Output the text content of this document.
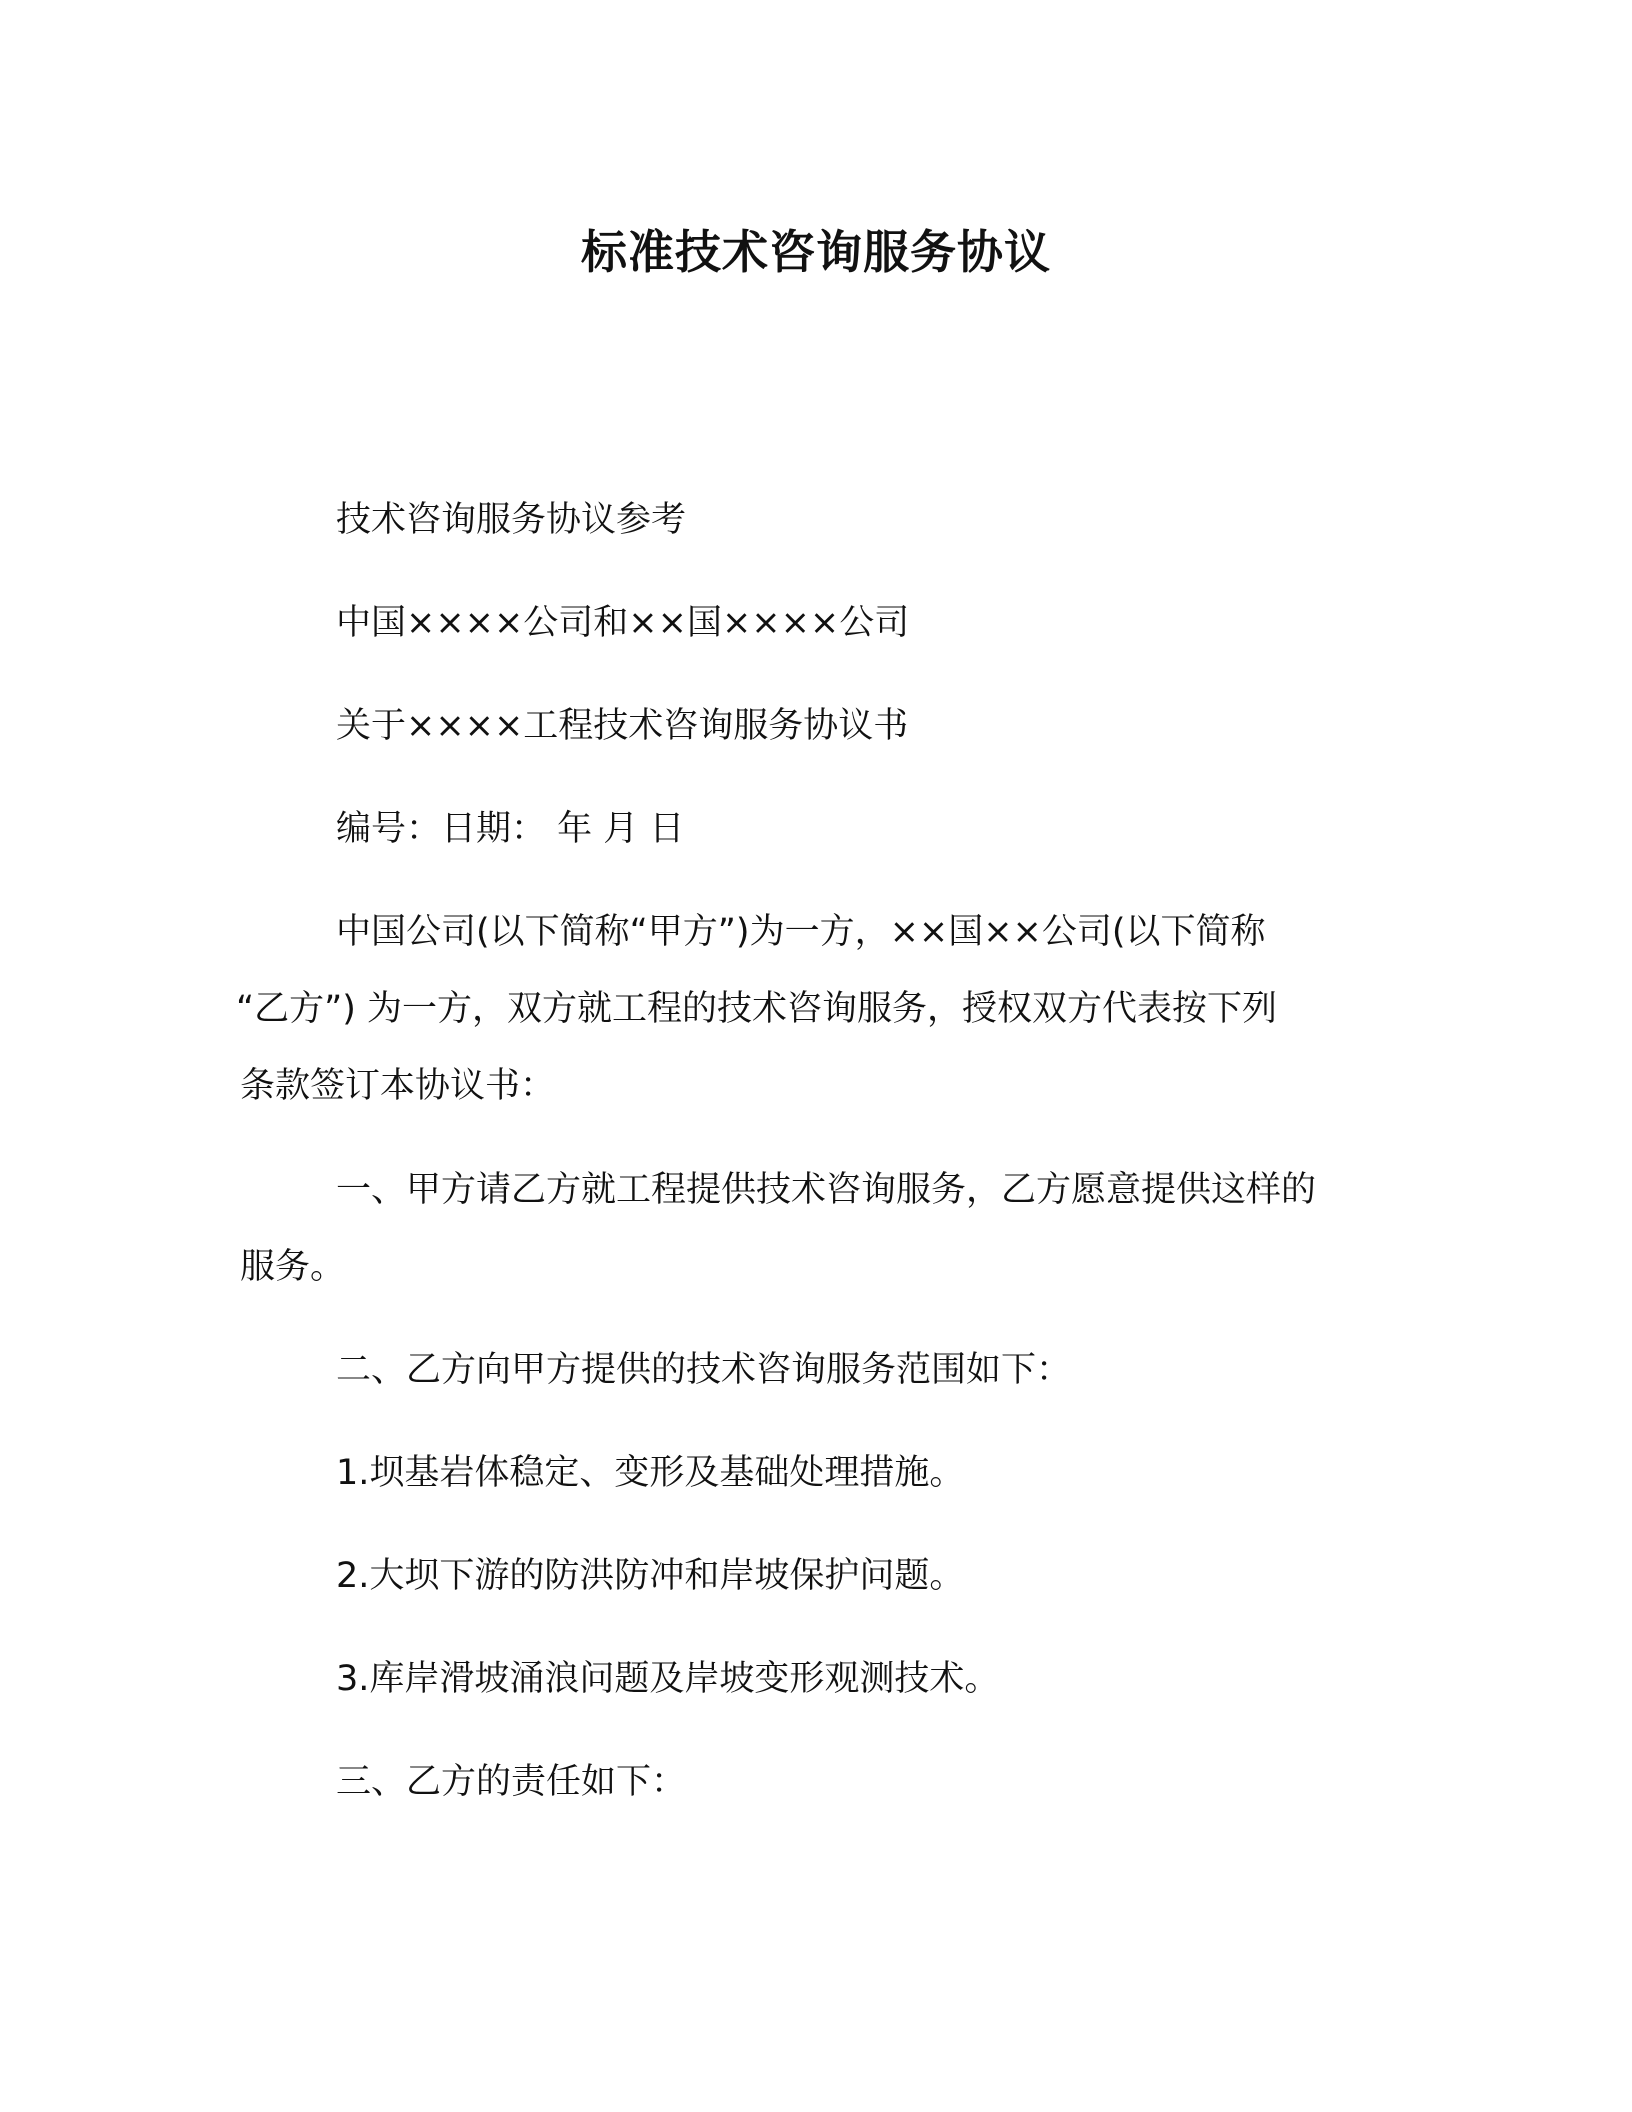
标准技术咨询服务协议
技术咨询服务协议参考
中国××××公司和××国××××公司
关于××××工程技术咨询服务协议书
编号：日期： 年 月 日
中国公司(以下简称“甲方”)为一方，××国××公司(以下简称
“乙方”) 为一方，双方就工程的技术咨询服务，授权双方代表按下列
条款签订本协议书：
一、甲方请乙方就工程提供技术咨询服务，乙方愿意提供这样的
服务。
二、乙方向甲方提供的技术咨询服务范围如下：
1.坝基岩体稳定、变形及基础处理措施。
2.大坝下游的防洪防冲和岸坡保护问题。
3.库岸滑坡涌浪问题及岸坡变形观测技术。
三、乙方的责任如下：
